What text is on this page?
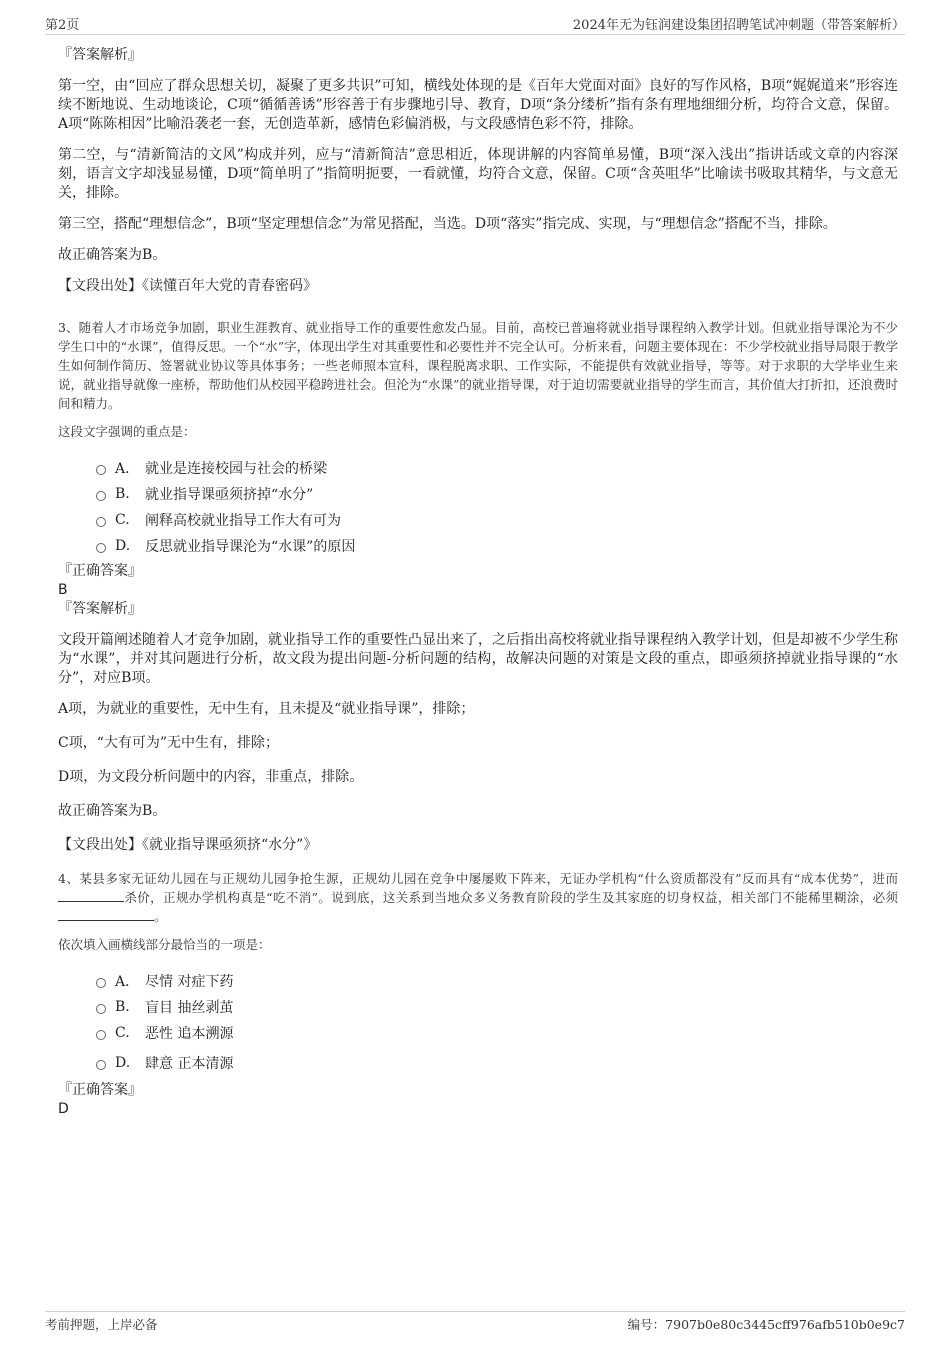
第2页	2024年无为钰润建设集团招聘笔试冲刺题（带答案解析）

『答案解析』

第一空，由“回应了群众思想关切，凝聚了更多共识”可知，横线处体现的是《百年大党面对面》良好的写作风格，B项“娓娓道来”形容连续不断地说、生动地谈论，C项“循循善诱”形容善于有步骤地引导、教育，D项“条分缕析”指有条有理地细细分析，均符合文意，保留。A项“陈陈相因”比喻沿袭老一套，无创造革新，感情色彩偏消极，与文段感情色彩不符，排除。

第二空，与“清新简洁的文风”构成并列，应与“清新简洁”意思相近，体现讲解的内容简单易懂，B项“深入浅出”指讲话或文章的内容深刻，语言文字却浅显易懂，D项“简单明了”指简明扼要，一看就懂，均符合文意，保留。C项“含英咀华”比喻读书吸取其精华，与文意无关，排除。

第三空，搭配“理想信念”，B项“坚定理想信念”为常见搭配，当选。D项“落实”指完成、实现，与“理想信念”搭配不当，排除。

故正确答案为B。

【文段出处】《读懂百年大党的青春密码》

3、随着人才市场竞争加剧，职业生涯教育、就业指导工作的重要性愈发凸显。目前，高校已普遍将就业指导课程纳入教学计划。但就业指导课沦为不少学生口中的“水课”，值得反思。一个“水”字，体现出学生对其重要性和必要性并不完全认可。分析来看，问题主要体现在：不少学校就业指导局限于教学生如何制作简历、签署就业协议等具体事务；一些老师照本宣科，课程脱离求职、工作实际，不能提供有效就业指导，等等。对于求职的大学毕业生来说，就业指导就像一座桥，帮助他们从校园平稳跨进社会。但沦为“水课”的就业指导课，对于迫切需要就业指导的学生而言，其价值大打折扣，还浪费时间和精力。

这段文字强调的重点是：

A． 就业是连接校园与社会的桥梁
B.	就业指导课亟须挤掉“水分”
C.	阐释高校就业指导工作大有可为
D.	反思就业指导课沦为“水课”的原因

『正确答案』

B

『答案解析』

文段开篇阐述随着人才竞争加剧，就业指导工作的重要性凸显出来了，之后指出高校将就业指导课程纳入教学计划，但是却被不少学生称为“水课”，并对其问题进行分析，故文段为提出问题-分析问题的结构，故解决问题的对策是文段的重点，即亟须挤掉就业指导课的“水分”，对应B项。

A项，为就业的重要性，无中生有，且未提及“就业指导课”，排除；

C项，“大有可为”无中生有，排除；

D项，为文段分析问题中的内容，非重点，排除。

故正确答案为B。

【文段出处】《就业指导课亟须挤“水分”》

4、某县多家无证幼儿园在与正规幼儿园争抢生源，正规幼儿园在竞争中屡屡败下阵来，无证办学机构“什么资质都没有”反而具有“成本优势”，进而杀价，正规办学机构真是“吃不消”。说到底，这关系到当地众多义务教育阶段的学生及其家庭的切身权益，相关部门不能稀里糊涂，必须 。

依次填入画横线部分最恰当的一项是：

A． 尽情 对症下药
B.	盲目 抽丝剥茧
C.	恶性 追本溯源
D.	肆意 正本清源

『正确答案』

D

考前押题，上岸必备	编号：7907b0e80c3445cff976afb510b0e9c7
